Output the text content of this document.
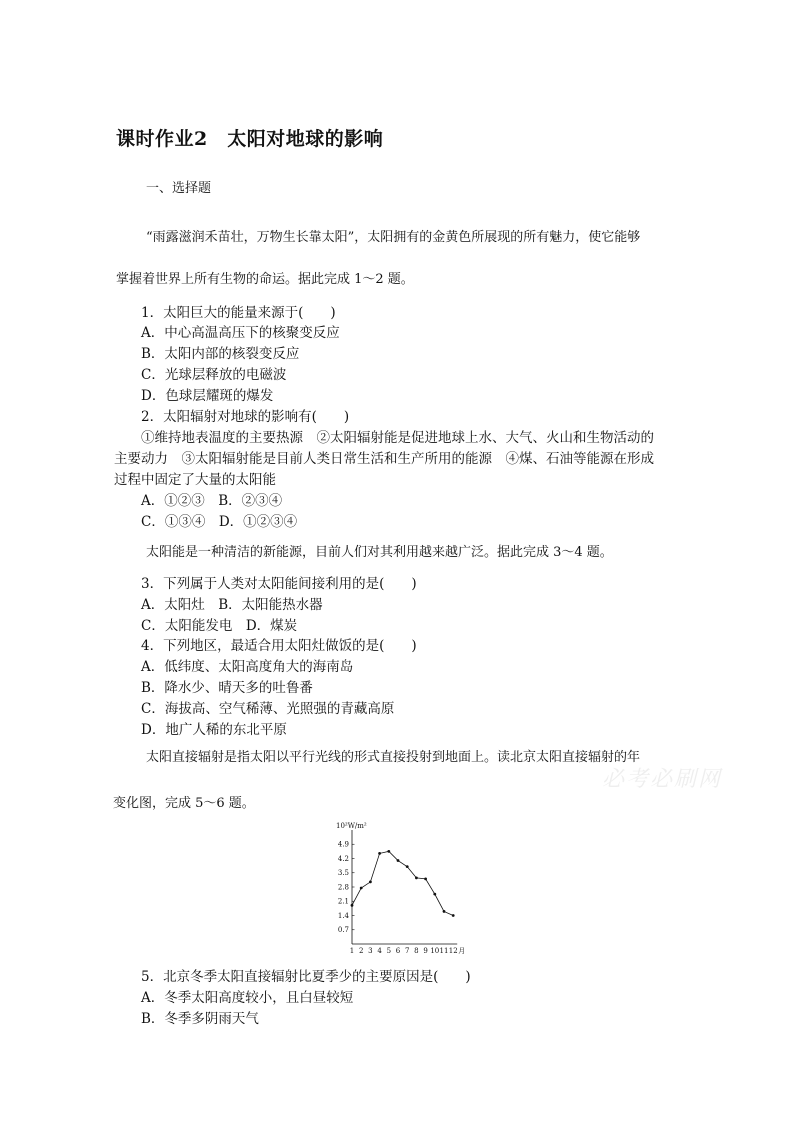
课时作业2　太阳对地球的影响
一、选择题
“雨露滋润禾苗壮，万物生长靠太阳”，太阳拥有的金黄色所展现的所有魅力，使它能够
掌握着世界上所有生物的命运。据此完成 1～2 题。
1．太阳巨大的能量来源于(　　)
A．中心高温高压下的核聚变反应
B．太阳内部的核裂变反应
C．光球层释放的电磁波
D．色球层耀斑的爆发
2．太阳辐射对地球的影响有(　　)
①维持地表温度的主要热源　②太阳辐射能是促进地球上水、大气、火山和生物活动的
主要动力　③太阳辐射能是目前人类日常生活和生产所用的能源　④煤、石油等能源在形成
过程中固定了大量的太阳能
A．①②③　B．②③④
C．①③④　D．①②③④
太阳能是一种清洁的新能源，目前人们对其利用越来越广泛。据此完成 3～4 题。
3．下列属于人类对太阳能间接利用的是(　　)
A．太阳灶　B．太阳能热水器
C．太阳能发电　D．煤炭
4．下列地区，最适合用太阳灶做饭的是(　　)
A．低纬度、太阳高度角大的海南岛
B．降水少、晴天多的吐鲁番
C．海拔高、空气稀薄、光照强的青藏高原
D．地广人稀的东北平原
太阳直接辐射是指太阳以平行光线的形式直接投射到地面上。读北京太阳直接辐射的年
变化图，完成 5～6 题。
必考必刷网
4.9
4.2
3.5
2.8
2.1
1.4
0.7
1 2 3 4 5 6 7 8 9 10 11 12 月
10²W/m²
5．北京冬季太阳直接辐射比夏季少的主要原因是(　　)
A．冬季太阳高度较小，且白昼较短
B．冬季多阴雨天气
